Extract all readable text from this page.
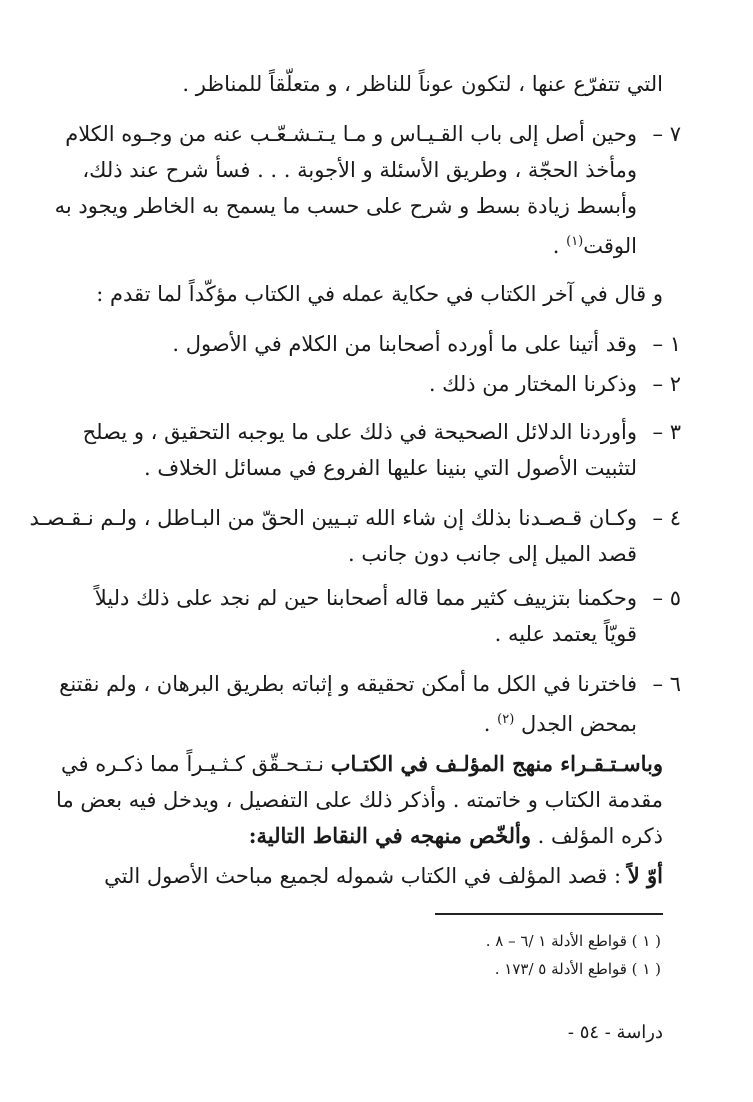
التي تتفرّع عنها ، لتكون عوناً للناظر ، و متعلّقاً للمناظر .
٧ –
وحين أصل إلى باب القـيـاس و مـا يـتـشـعّـب عنه من وجـوه الكلام
ومأخذ الحجّة ، وطريق الأسئلة و الأجوبة . . . فسأ شرح عند ذلك،
وأبسط زيادة بسط و شرح على حسب ما يسمح به الخاطر ويجود به
الوقت$^{(١)}$ .
و قال في آخر الكتاب في حكاية عمله في الكتاب مؤكّداً لما تقدم :
١ –
وقد أتينا على ما أورده أصحابنا من الكلام في الأصول .
٢ –
وذكرنا المختار من ذلك .
٣ –
وأوردنا الدلائل الصحيحة في ذلك على ما يوجبه التحقيق ، و يصلح
لتثبيت الأصول التي بنينا عليها الفروع في مسائل الخلاف .
٤ –
وكـان قـصـدنا بذلك إن شاء الله تبـيين الحقّ من البـاطل ، ولـم نـقـصـد
قصد الميل إلى جانب دون جانب .
٥ –
وحكمنا بتزييف كثير مما قاله أصحابنا حين لم نجد على ذلك دليلاً
قويّاً يعتمد عليه .
٦ –
فاخترنا في الكل ما أمكن تحقيقه و إثباته بطريق البرهان ، ولم نقتنع
بمحض الجدل $^{(٢)}$ .
وباسـتـقـراء منهج المؤلـف في الكتـاب نـتـحـقّق كـثـيـراً مما ذكـره في
مقدمة الكتاب و خاتمته . وأذكر ذلك على التفصيل ، ويدخل فيه بعض ما
ذكره المؤلف . وألخّص منهجه في النقاط التالية:
أوّ لاً : قصد المؤلف في الكتاب شموله لجميع مباحث الأصول التي
( ١ ) قواطع الأدلة ١ /٦ – ٨ .
( ١ ) قواطع الأدلة ٥ /١٧٣ .
دراسة - ٥٤ -
